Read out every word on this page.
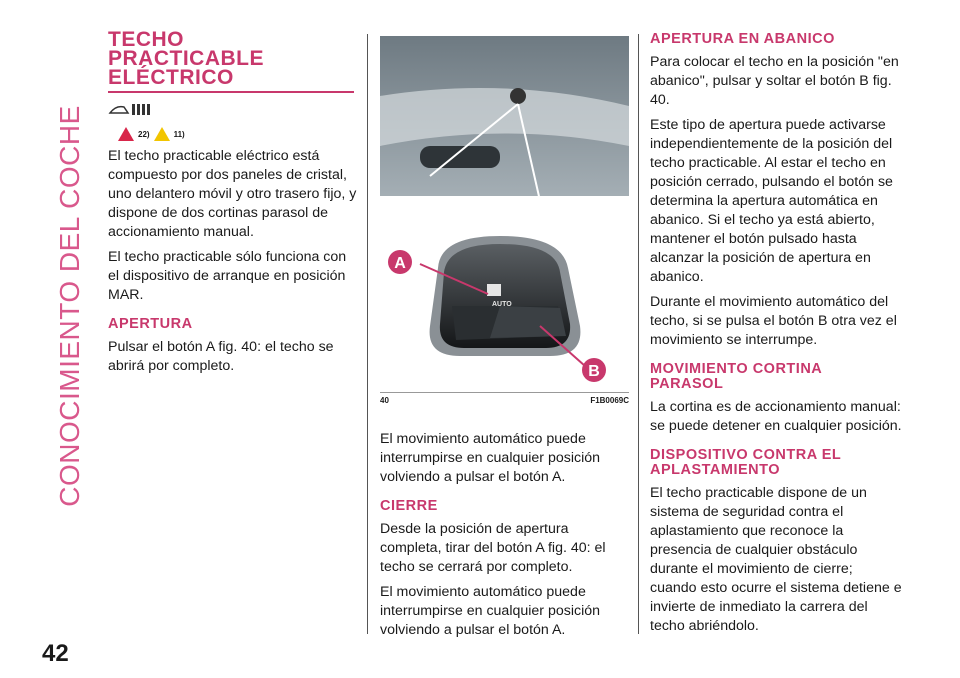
CONOCIMIENTO DEL COCHE
42
TECHO
PRACTICABLE
ELÉCTRICO
22)	11)

El techo practicable eléctrico está compuesto por dos paneles de cristal, uno delantero móvil y otro trasero fijo, y dispone de dos cortinas parasol de accionamiento manual.

El techo practicable sólo funciona con el dispositivo de arranque en posición MAR.

APERTURA

Pulsar el botón A fig. 40: el techo se abrirá por completo.

AUTO
A
B
40	F1B0069C

El movimiento automático puede interrumpirse en cualquier posición volviendo a pulsar el botón A.

CIERRE

Desde la posición de apertura completa, tirar del botón A fig. 40: el techo se cerrará por completo.

El movimiento automático puede interrumpirse en cualquier posición volviendo a pulsar el botón A.

APERTURA EN ABANICO

Para colocar el techo en la posición "en abanico", pulsar y soltar el botón B fig. 40.

Este tipo de apertura puede activarse independientemente de la posición del techo practicable. Al estar el techo en posición cerrado, pulsando el botón se determina la apertura automática en abanico. Si el techo ya está abierto, mantener el botón pulsado hasta alcanzar la posición de apertura en abanico.

Durante el movimiento automático del techo, si se pulsa el botón B otra vez el movimiento se interrumpe.

MOVIMIENTO CORTINA
PARASOL

La cortina es de accionamiento manual: se puede detener en cualquier posición.

DISPOSITIVO CONTRA EL
APLASTAMIENTO

El techo practicable dispone de un sistema de seguridad contra el aplastamiento que reconoce la presencia de cualquier obstáculo durante el movimiento de cierre; cuando esto ocurre el sistema detiene e invierte de inmediato la carrera del techo abriéndolo.
